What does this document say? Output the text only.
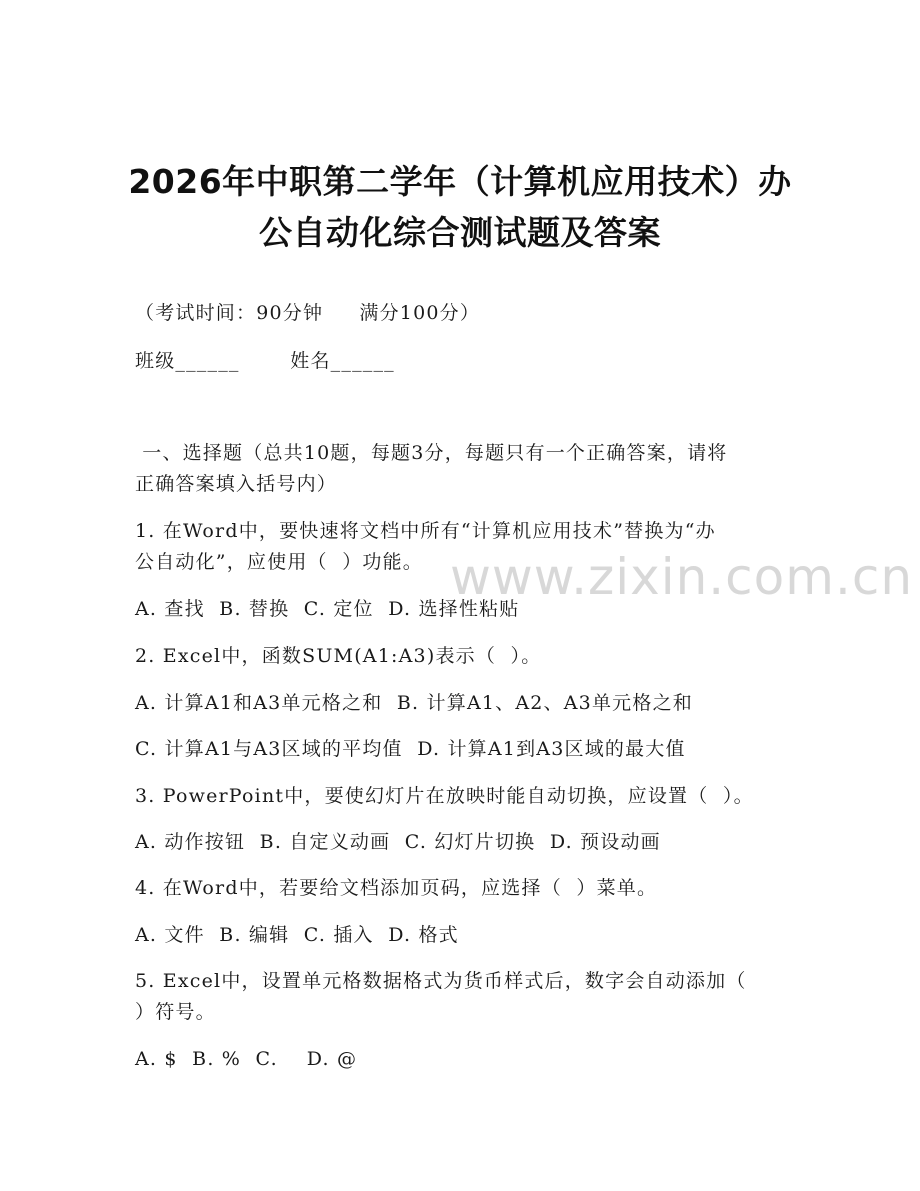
2026年中职第二学年（计算机应用技术）办
公自动化综合测试题及答案
（考试时间：90分钟     满分100分）
班级______       姓名______
一、选择题（总共10题，每题3分，每题只有一个正确答案，请将
正确答案填入括号内）
1. 在Word中，要快速将文档中所有“计算机应用技术”替换为“办
公自动化”，应使用（  ）功能。
A. 查找  B. 替换  C. 定位  D. 选择性粘贴
2. Excel中，函数SUM(A1:A3)表示（  ）。
A. 计算A1和A3单元格之和  B. 计算A1、A2、A3单元格之和
C. 计算A1与A3区域的平均值  D. 计算A1到A3区域的最大值
3. PowerPoint中，要使幻灯片在放映时能自动切换，应设置（  ）。
A. 动作按钮  B. 自定义动画  C. 幻灯片切换  D. 预设动画
4. 在Word中，若要给文档添加页码，应选择（  ）菜单。
A. 文件  B. 编辑  C. 插入  D. 格式
5. Excel中，设置单元格数据格式为货币样式后，数字会自动添加（
）符号。
A. $  B. %  C.    D. @
www.zixin.com.cn
